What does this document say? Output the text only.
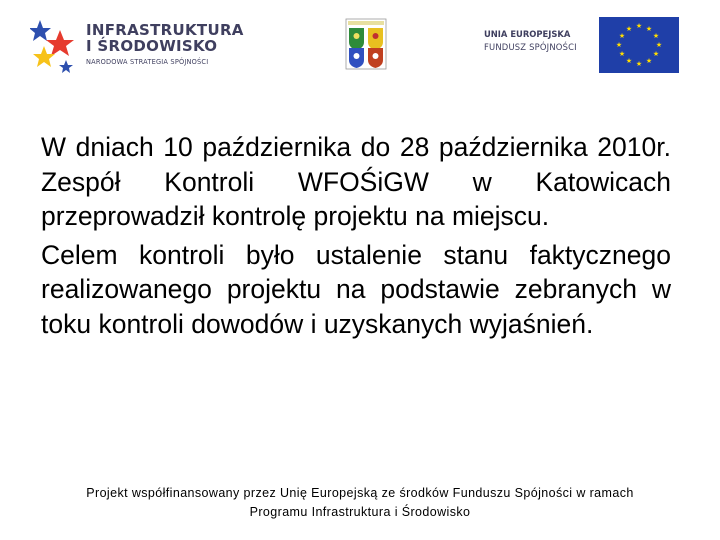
INFRASTRUKTURA
I ŚRODOWISKO
NARODOWA STRATEGIA SPÓJNOŚCI
UNIA EUROPEJSKA
FUNDUSZ SPÓJNOŚCI
★ ★
★
★
★
★
★
★
★
★
★
★

W dniach 10 października do 28 października 2010r. Zespół Kontroli WFOŚiGW w Katowicach przeprowadził kontrolę projektu na miejscu.

Celem kontroli było ustalenie stanu faktycznego realizowanego projektu na podstawie zebranych w toku kontroli dowodów i uzyskanych wyjaśnień.

Projekt współfinansowany przez Unię Europejską ze środków Funduszu Spójności w ramach
Programu Infrastruktura i Środowisko
